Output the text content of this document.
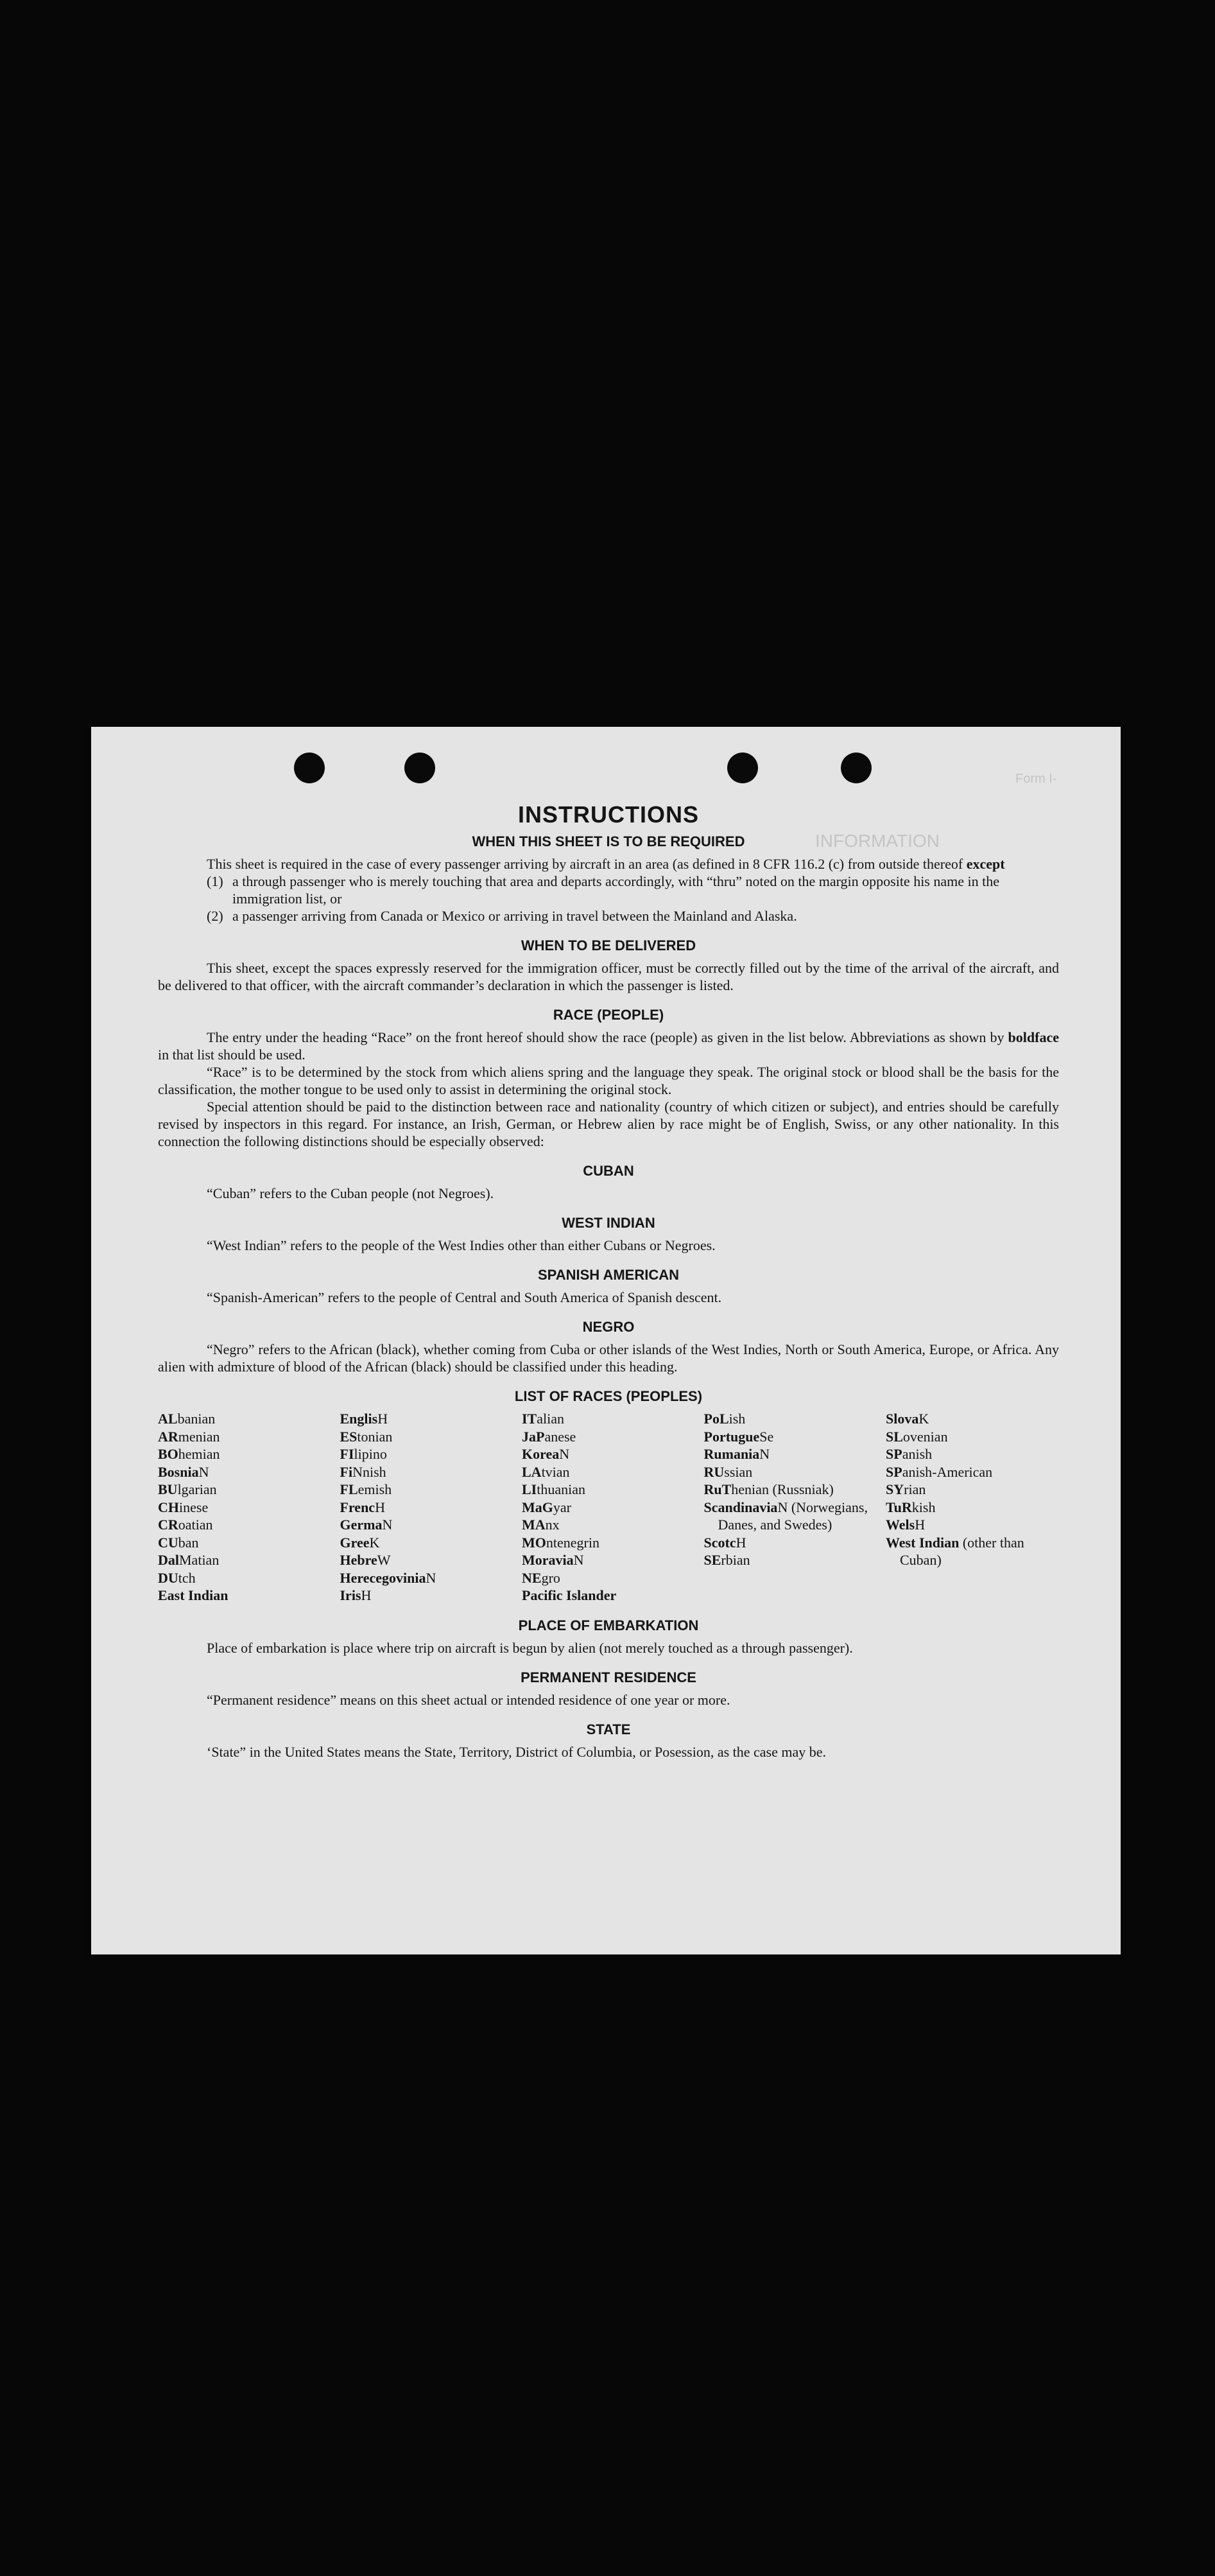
INFORMATION
Form I-
INSTRUCTIONS
WHEN THIS SHEET IS TO BE REQUIRED

This sheet is required in the case of every passenger arriving by aircraft in an area (as defined in 8 CFR 116.2 (c) from outside thereof except

(1) a through passenger who is merely touching that area and departs accordingly, with “thru” noted on the margin opposite his name in the immigration list, or
(2) a passenger arriving from Canada or Mexico or arriving in travel between the Mainland and Alaska.
WHEN TO BE DELIVERED

This sheet, except the spaces expressly reserved for the immigration officer, must be correctly filled out by the time of the arrival of the aircraft, and be delivered to that officer, with the aircraft commander’s declaration in which the passenger is listed.

RACE (PEOPLE)

The entry under the heading “Race” on the front hereof should show the race (people) as given in the list below. Abbreviations as shown by boldface in that list should be used.

“Race” is to be determined by the stock from which aliens spring and the language they speak. The original stock or blood shall be the basis for the classification, the mother tongue to be used only to assist in determining the original stock.

Special attention should be paid to the distinction between race and nationality (country of which citizen or subject), and entries should be carefully revised by inspectors in this regard. For instance, an Irish, German, or Hebrew alien by race might be of English, Swiss, or any other nationality. In this connection the following distinctions should be especially observed:

CUBAN

“Cuban” refers to the Cuban people (not Negroes).

WEST INDIAN

“West Indian” refers to the people of the West Indies other than either Cubans or Negroes.

SPANISH AMERICAN

“Spanish-American” refers to the people of Central and South America of Spanish descent.

NEGRO

“Negro” refers to the African (black), whether coming from Cuba or other islands of the West Indies, North or South America, Europe, or Africa. Any alien with admixture of blood of the African (black) should be classified under this heading.

LIST OF RACES (PEOPLES)
ALbanian
ARmenian
BOhemian
BosniaN
BUlgarian
CHinese
CRoatian
CUban
DalMatian
DUtch
East Indian
EnglisH
EStonian
FIlipino
FiNnish
FLemish
FrencH
GermaN
GreeK
HebreW
HerecegoviniaN
IrisH
ITalian
JaPanese
KoreaN
LAtvian
LIthuanian
MaGyar
MAnx
MOntenegrin
MoraviaN
NEgro
Pacific Islander
PoLish
PortugueSe
RumaniaN
RUssian
RuThenian (Russniak)
ScandinaviaN (Norwegians, Danes, and Swedes)
ScotcH
SErbian
SlovaK
SLovenian
SPanish
SPanish-American
SYrian
TuRkish
WelsH
West Indian (other than Cuban)
PLACE OF EMBARKATION

Place of embarkation is place where trip on aircraft is begun by alien (not merely touched as a through passenger).

PERMANENT RESIDENCE

“Permanent residence” means on this sheet actual or intended residence of one year or more.

STATE

‘State” in the United States means the State, Territory, District of Columbia, or Posession, as the case may be.
